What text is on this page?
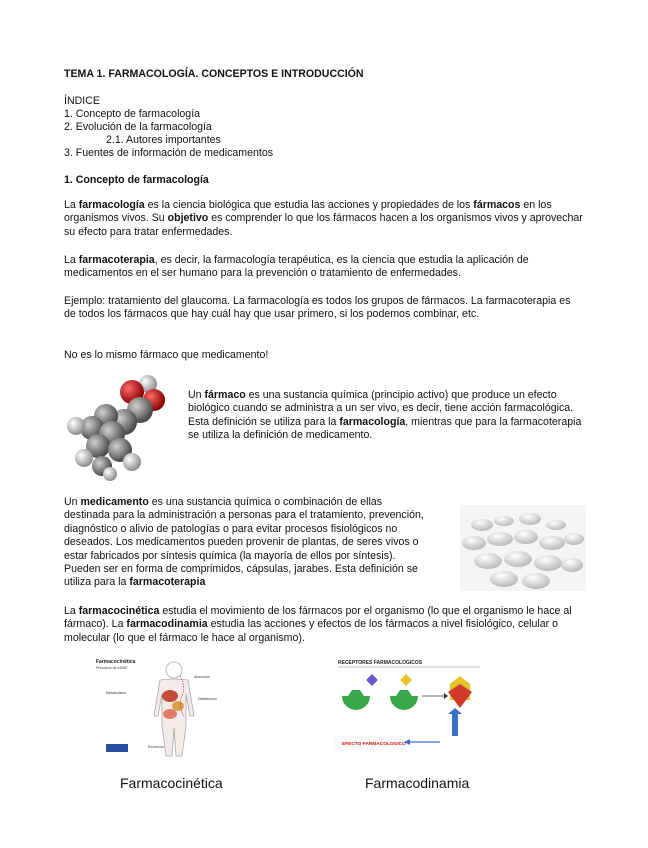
TEMA 1. FARMACOLOGÍA. CONCEPTOS E INTRODUCCIÓN

ÍNDICE

1. Concepto de farmacología

2. Evolución de la farmacología

2.1. Autores importantes

3. Fuentes de información de medicamentos

1. Concepto de farmacología

La farmacología es la ciencia biológica que estudia las acciones y propiedades de los fármacos en los organismos vivos. Su objetivo es comprender lo que los fármacos hacen a los organismos vivos y aprovechar su efecto para tratar enfermedades.

La farmacoterapia, es decir, la farmacología terapéutica, es la ciencia que estudia la aplicación de medicamentos en el ser humano para la prevención o tratamiento de enfermedades.

Ejemplo: tratamiento del glaucoma. La farmacología es todos los grupos de fármacos. La farmacoterapia es de todos los fármacos que hay cuál hay que usar primero, si los podemos combinar, etc.

No es lo mismo fármaco que medicamento!

Un fármaco es una sustancia química (principio activo) que produce un efecto biológico cuando se administra a un ser vivo, es decir, tiene acción farmacológica. Esta definición se utiliza para la farmacología, mientras que para la farmacoterapia se utiliza la definición de medicamento.

Un medicamento es una sustancia química o combinación de ellas destinada para la administración a personas para el tratamiento, prevención, diagnóstico o alivio de patologías o para evitar procesos fisiológicos no deseados. Los medicamentos pueden provenir de plantas, de seres vivos o estar fabricados por síntesis química (la mayoría de ellos por síntesis). Pueden ser en forma de comprimidos, cápsulas, jarabes. Esta definición se utiliza para la farmacoterapia

La farmacocinética estudia el movimiento de los fármacos por el organismo (lo que el organismo le hace al fármaco). La farmacodinamia estudia las acciones y efectos de los fármacos a nivel fisiológico, celular o molecular (lo que el fármaco le hace al organismo).

Farmacocinética
Principios de ADME
Absorción
Distribución
Metabolismo
Excreción

Farmacocinética

RECEPTORES FARMACOLOGICOS
EFECTO FARMACOLOGICO

Farmacodinamia
